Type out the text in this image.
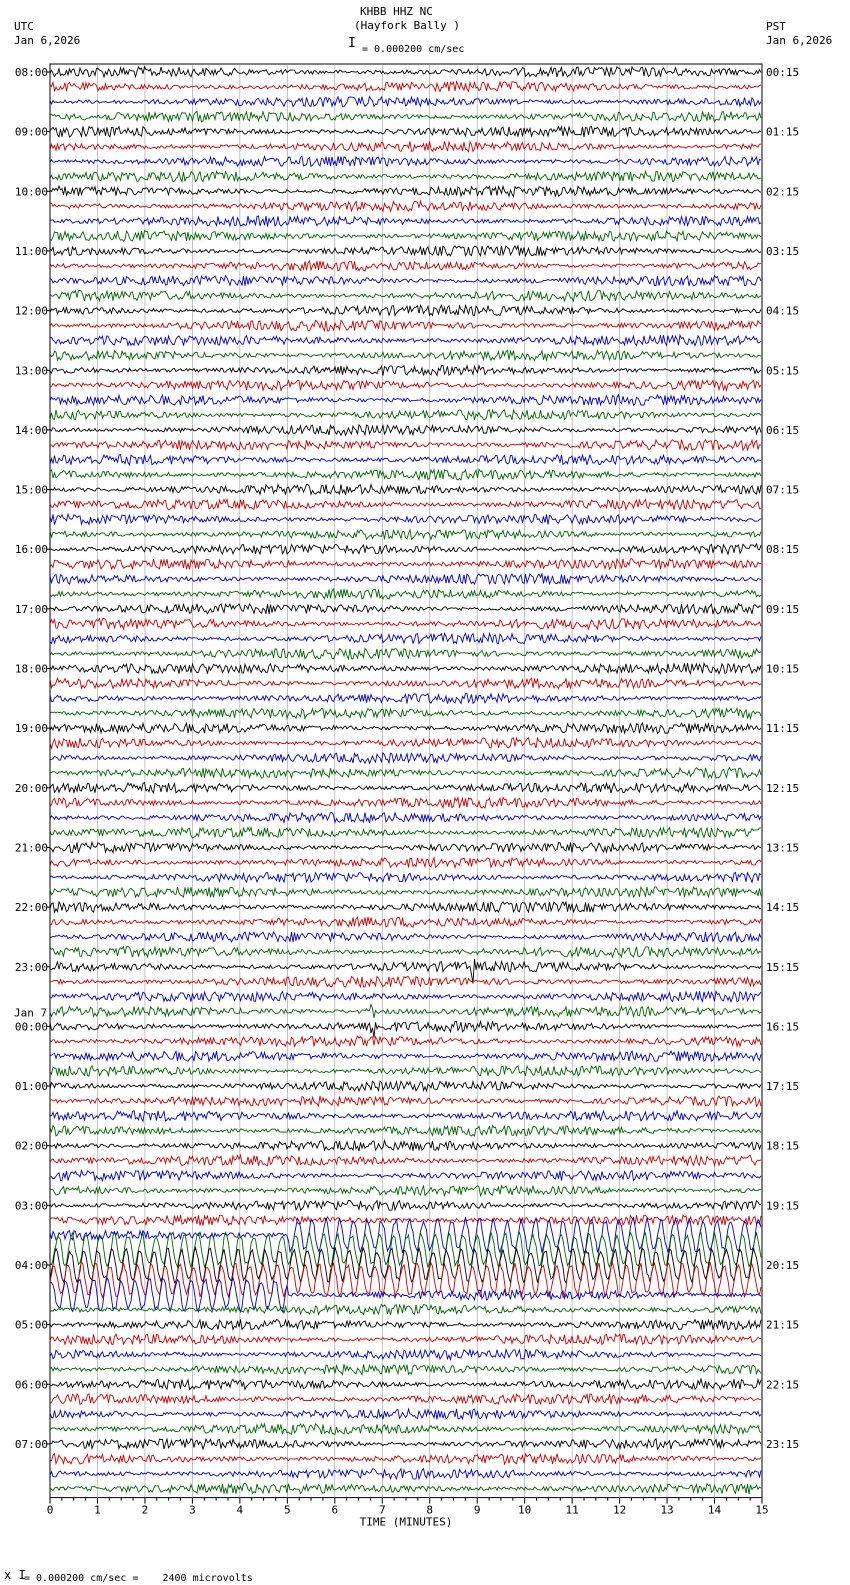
KHBB HHZ NC
(Hayfork Bally )
I = 0.000200 cm/sec
UTC
Jan 6,2026
PST
Jan 6,2026
08:00
09:00
10:00
11:00
12:00
13:00
14:00
15:00
16:00
17:00
18:00
19:00
20:00
21:00
22:00
23:00
00:00
01:00
02:00
03:00
04:00
05:00
06:00
07:00
00:15
01:15
02:15
03:15
04:15
05:15
06:15
07:15
08:15
09:15
10:15
11:15
12:15
13:15
14:15
15:15
16:15
17:15
18:15
19:15
20:15
21:15
22:15
23:15
Jan 7
0	1	2	3	4	5	6	7	8	9	10	11	12	13	14	15
TIME (MINUTES)
x I
= 0.000200 cm/sec =    2400 microvolts
